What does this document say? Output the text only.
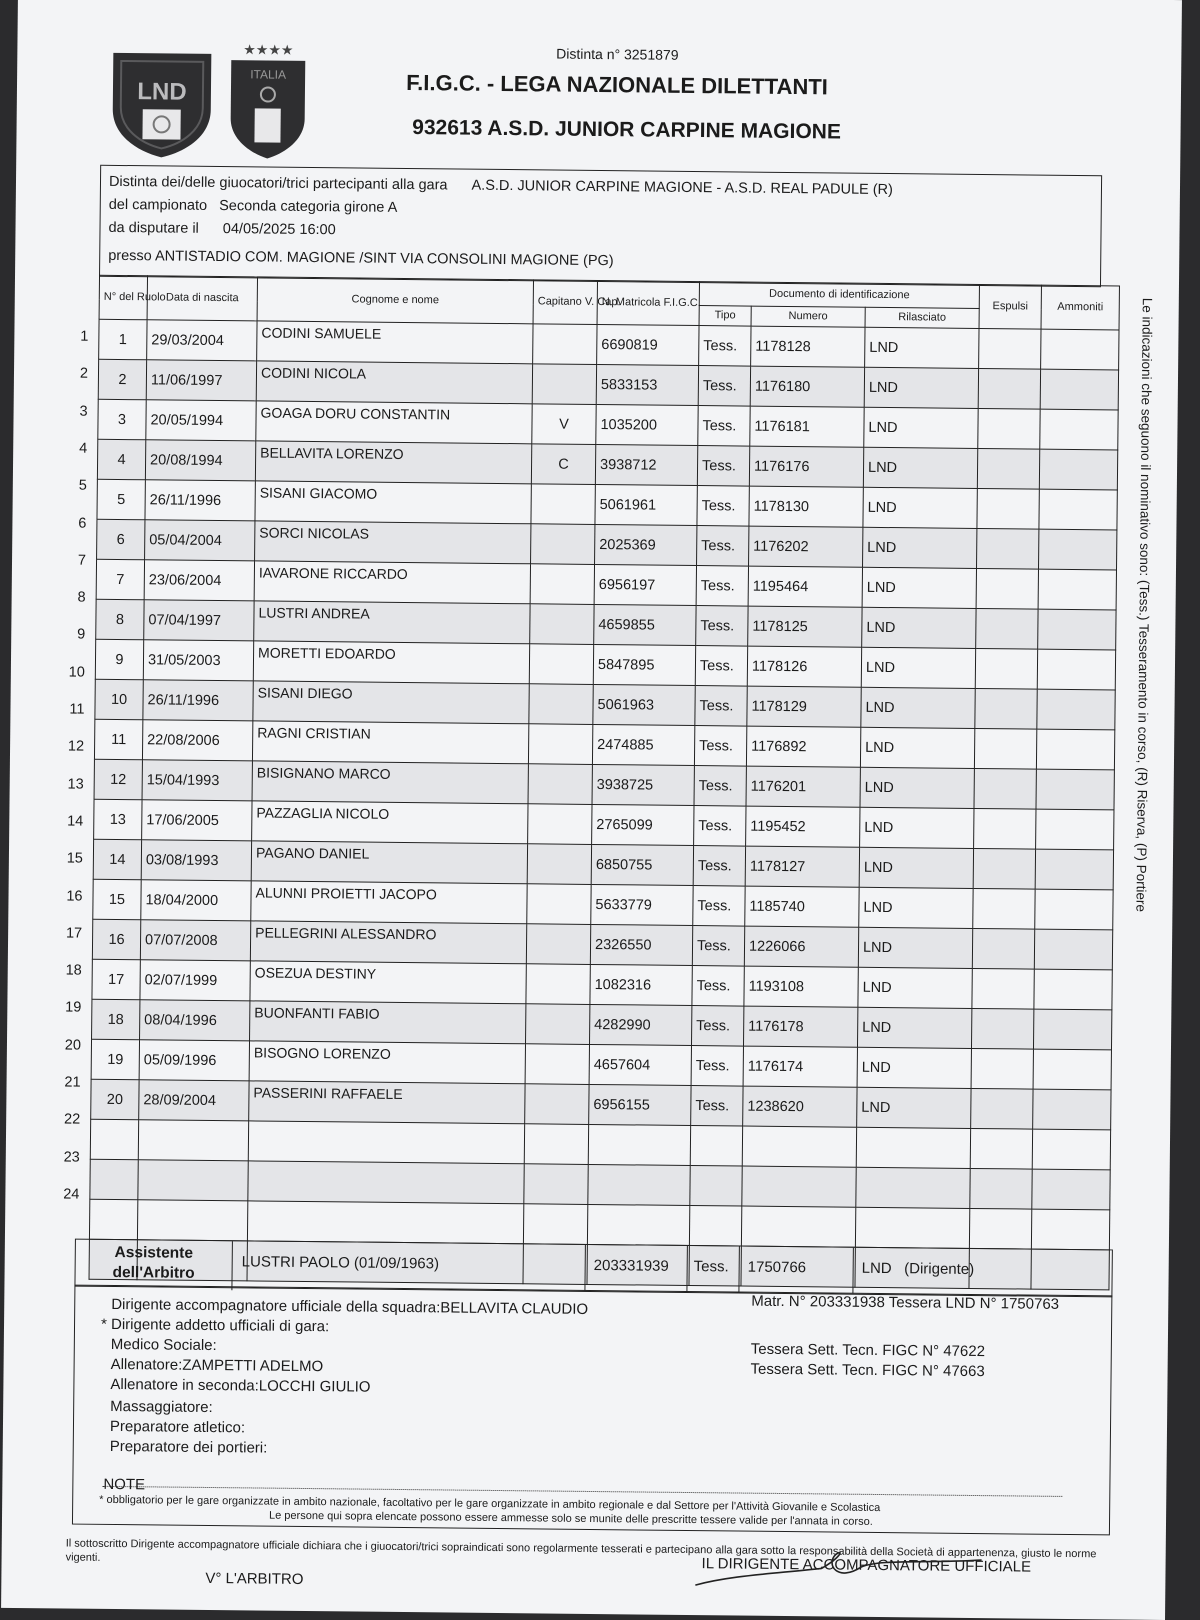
LND
★★★★
ITALIA
Distinta n° 3251879
F.I.G.C. - LEGA NAZIONALE DILETTANTI
932613 A.S.D. JUNIOR CARPINE MAGIONE
Distinta dei/delle giuocatori/trici partecipanti alla gara A.S.D. JUNIOR CARPINE MAGIONE - A.S.D. REAL PADULE (R)
del campionato Seconda categoria girone A
da disputare il 04/05/2025 16:00
presso ANTISTADIO COM. MAGIONE /SINT VIA CONSOLINI MAGIONE (PG)
1
2
3
4
5
6
7
8
9
10
11
12
13
14
15
16
17
18
19
20
21
22
23
24
N° del Ruolo	Data di nascita	Cognome e nome	Capitano V. Cap.	N. Matricola F.I.G.C.	Documento di identificazione			Espulsi	Ammoniti
					Tipo	Numero	Rilasciato		
1	29/03/2004	CODINI SAMUELE		6690819	Tess.	1178128	LND		
2	11/06/1997	CODINI NICOLA		5833153	Tess.	1176180	LND		
3	20/05/1994	GOAGA DORU CONSTANTIN	V	1035200	Tess.	1176181	LND		
4	20/08/1994	BELLAVITA LORENZO	C	3938712	Tess.	1176176	LND		
5	26/11/1996	SISANI GIACOMO		5061961	Tess.	1178130	LND		
6	05/04/2004	SORCI NICOLAS		2025369	Tess.	1176202	LND		
7	23/06/2004	IAVARONE RICCARDO		6956197	Tess.	1195464	LND		
8	07/04/1997	LUSTRI ANDREA		4659855	Tess.	1178125	LND		
9	31/05/2003	MORETTI EDOARDO		5847895	Tess.	1178126	LND		
10	26/11/1996	SISANI DIEGO		5061963	Tess.	1178129	LND		
11	22/08/2006	RAGNI CRISTIAN		2474885	Tess.	1176892	LND		
12	15/04/1993	BISIGNANO MARCO		3938725	Tess.	1176201	LND		
13	17/06/2005	PAZZAGLIA NICOLO		2765099	Tess.	1195452	LND		
14	03/08/1993	PAGANO DANIEL		6850755	Tess.	1178127	LND		
15	18/04/2000	ALUNNI PROIETTI JACOPO		5633779	Tess.	1185740	LND		
16	07/07/2008	PELLEGRINI ALESSANDRO		2326550	Tess.	1226066	LND		
17	02/07/1999	OSEZUA DESTINY		1082316	Tess.	1193108	LND		
18	08/04/1996	BUONFANTI FABIO		4282990	Tess.	1176178	LND		
19	05/09/1996	BISOGNO LORENZO		4657604	Tess.	1176174	LND		
20	28/09/2004	PASSERINI RAFFAELE		6956155	Tess.	1238620	LND		

Assistente dell'Arbitro
LUSTRI PAOLO (01/09/1963)	203331939	Tess.	1750766	LND   (Dirigente)
Dirigente accompagnatore ufficiale della squadra:BELLAVITA CLAUDIO	Matr. N° 203331938 Tessera LND N° 1750763
* Dirigente addetto ufficiali di gara:
Medico Sociale:
Allenatore:ZAMPETTI ADELMO
Tessera Sett. Tecn. FIGC N° 47622
Allenatore in seconda:LOCCHI GIULIO
Tessera Sett. Tecn. FIGC N° 47663
Massaggiatore:
Preparatore atletico:
Preparatore dei portieri:
NOTE
* obbligatorio per le gare organizzate in ambito nazionale, facoltativo per le gare organizzate in ambito regionale e dal Settore per l'Attività Giovanile e Scolastica
Le persone qui sopra elencate possono essere ammesse solo se munite delle prescritte tessere valide per l'annata in corso.
Il sottoscritto Dirigente accompagnatore ufficiale dichiara che i giuocatori/trici sopraindicati sono regolarmente tesserati e partecipano alla gara sotto la responsabilità della Società di appartenenza, giusto le norme vigenti.
Le indicazioni che seguono il nominativo sono: (Tess.) Tesseramento in corso, (R) Riserva, (P) Portiere
V° L'ARBITRO
IL DIRIGENTE ACCOMPAGNATORE UFFICIALE
